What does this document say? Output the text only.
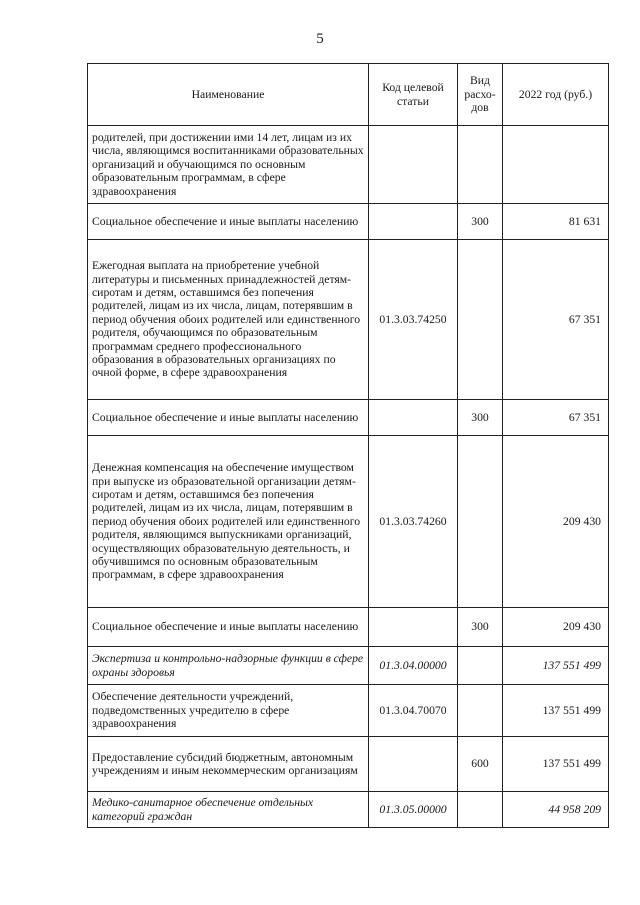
5
Наименование	Код целевой статьи	Вид расхо-дов	2022 год (руб.)
родителей, при достижении ими 14 лет, лицам из их числа, являющимся воспитанниками образовательных организаций и обучающимся по основным образовательным программам, в сфере здравоохранения			
Социальное обеспечение и иные выплаты населению		300	81 631
Ежегодная выплата на приобретение учебной литературы и письменных принадлежностей детям-сиротам и детям, оставшимся без попечения родителей, лицам из их числа, лицам, потерявшим в период обучения обоих родителей или единственного родителя, обучающимся по образовательным программам среднего профессионального образования в образовательных организациях по очной форме, в сфере здравоохранения	01.3.03.74250		67 351
Социальное обеспечение и иные выплаты населению		300	67 351
Денежная компенсация на обеспечение имуществом при выпуске из образовательной организации детям-сиротам и детям, оставшимся без попечения родителей, лицам из их числа, лицам, потерявшим в период обучения обоих родителей или единственного родителя, являющимся выпускниками организаций, осуществляющих образовательную деятельность, и обучившимся по основным образовательным программам, в сфере здравоохранения	01.3.03.74260		209 430
Социальное обеспечение и иные выплаты населению		300	209 430
Экспертиза и контрольно-надзорные функции в сфере охраны здоровья	01.3.04.00000		137 551 499
Обеспечение деятельности учреждений, подведомственных учредителю в сфере здравоохранения	01.3.04.70070		137 551 499
Предоставление субсидий бюджетным, автономным учреждениям и иным некоммерческим организациям		600	137 551 499
Медико-санитарное обеспечение отдельных категорий граждан	01.3.05.00000		44 958 209
